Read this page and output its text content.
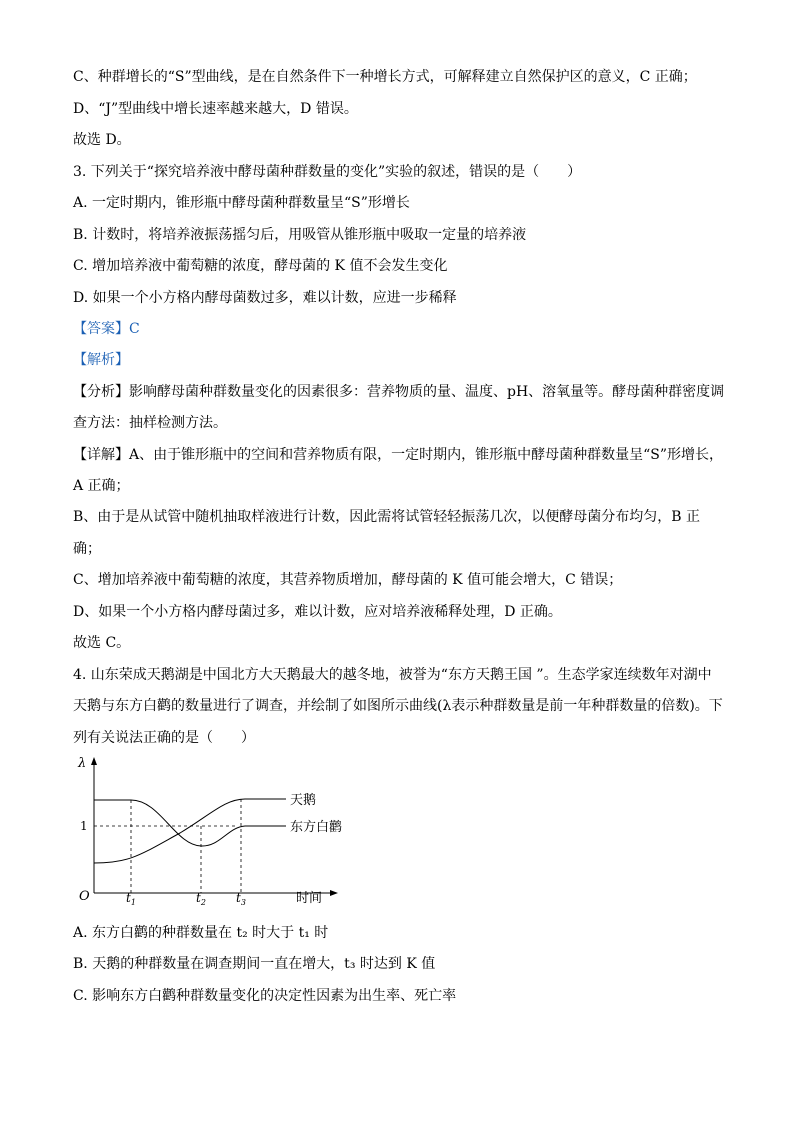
C、种群增长的“S”型曲线，是在自然条件下一种增长方式，可解释建立自然保护区的意义，C 正确；
D、“J”型曲线中增长速率越来越大，D 错误。
故选 D。
3. 下列关于“探究培养液中酵母菌种群数量的变化”实验的叙述，错误的是（　　）
A. 一定时期内，锥形瓶中酵母菌种群数量呈“S”形增长
B. 计数时，将培养液振荡摇匀后，用吸管从锥形瓶中吸取一定量的培养液
C. 增加培养液中葡萄糖的浓度，酵母菌的 K 值不会发生变化
D. 如果一个小方格内酵母菌数过多，难以计数，应进一步稀释
【答案】C
【解析】
【分析】影响酵母菌种群数量变化的因素很多：营养物质的量、温度、pH、溶氧量等。酵母菌种群密度调
查方法：抽样检测方法。
【详解】A、由于锥形瓶中的空间和营养物质有限，一定时期内，锥形瓶中酵母菌种群数量呈“S”形增长，
A 正确；
B、由于是从试管中随机抽取样液进行计数，因此需将试管轻轻振荡几次，以便酵母菌分布均匀，B 正
确；
C、增加培养液中葡萄糖的浓度，其营养物质增加，酵母菌的 K 值可能会增大，C 错误；
D、如果一个小方格内酵母菌过多，难以计数，应对培养液稀释处理，D 正确。
故选 C。
4. 山东荣成天鹅湖是中国北方大天鹅最大的越冬地，被誉为“东方天鹅王国 ”。生态学家连续数年对湖中
天鹅与东方白鹳的数量进行了调查，并绘制了如图所示曲线(λ表示种群数量是前一年种群数量的倍数)。下
列有关说法正确的是（　　）
A. 东方白鹳的种群数量在 t₂ 时大于 t₁ 时
B. 天鹅的种群数量在调查期间一直在增大，t₃ 时达到 K 值
C. 影响东方白鹳种群数量变化的决定性因素为出生率、死亡率
λ
1
O	$t_1$	$t_2$	$t_3$	时间
天鹅
东方白鹳
